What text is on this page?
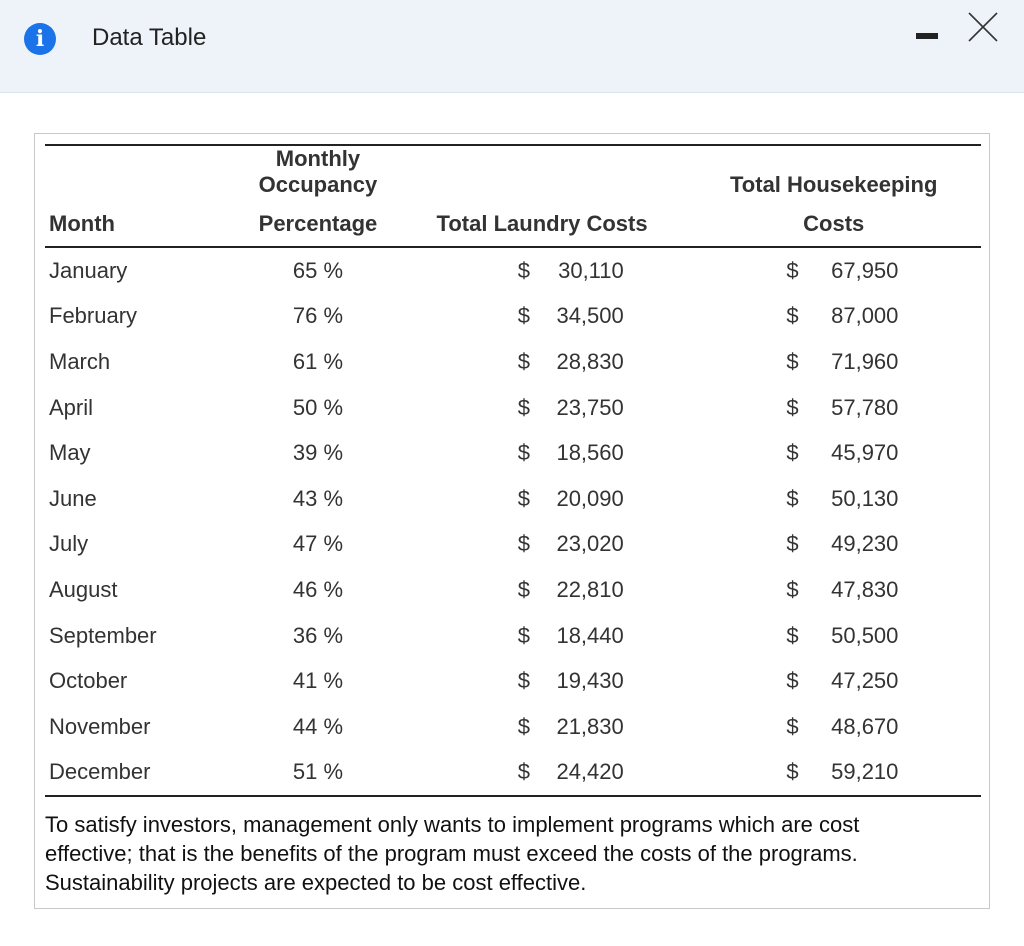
i	Data Table
	Monthly Occupancy		Total Housekeeping
Month	Percentage	Total Laundry Costs	Costs
January	65 %	$ 30,110	$ 67,950
February	76 %	$ 34,500	$ 87,000
March	61 %	$ 28,830	$ 71,960
April	50 %	$ 23,750	$ 57,780
May	39 %	$ 18,560	$ 45,970
June	43 %	$ 20,090	$ 50,130
July	47 %	$ 23,020	$ 49,230
August	46 %	$ 22,810	$ 47,830
September	36 %	$ 18,440	$ 50,500
October	41 %	$ 19,430	$ 47,250
November	44 %	$ 21,830	$ 48,670
December	51 %	$ 24,420	$ 59,210
To satisfy investors, management only wants to implement programs which are cost effective; that is the benefits of the program must exceed the costs of the programs. Sustainability projects are expected to be cost effective.
